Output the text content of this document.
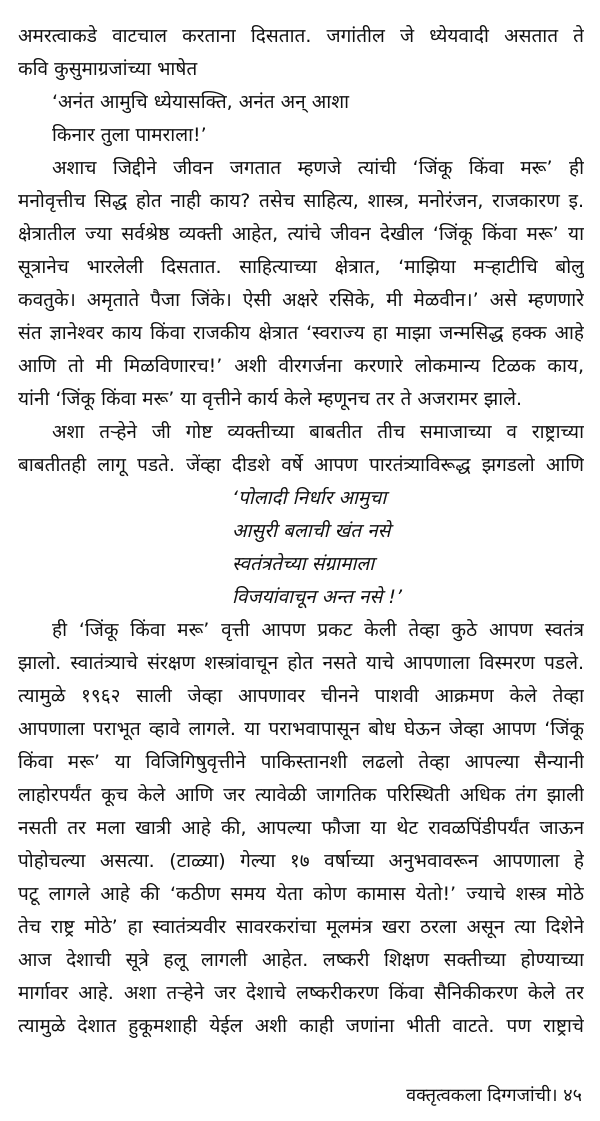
अमरत्वाकडे वाटचाल करताना दिसतात. जगांतील जे ध्येयवादी असतात ते
कवि कुसुमाग्रजांच्या भाषेत
‘अनंत आमुचि ध्येयासक्ति, अनंत अन् आशा
किनार तुला पामराला!’
अशाच जिद्दीने जीवन जगतात म्हणजे त्यांची ‘जिंकू किंवा मरू’ ही
मनोवृत्तीच सिद्ध होत नाही काय? तसेच साहित्य, शास्त्र, मनोरंजन, राजकारण इ.
क्षेत्रातील ज्या सर्वश्रेष्ठ व्यक्ती आहेत, त्यांचे जीवन देखील ‘जिंकू किंवा मरू’ या
सूत्रानेच भारलेली दिसतात. साहित्याच्या क्षेत्रात, ‘माझिया मऱ्हाटीचि बोलु
कवतुके। अमृताते पैजा जिंके। ऐसी अक्षरे रसिके, मी मेळवीन।’ असे म्हणणारे
संत ज्ञानेश्वर काय किंवा राजकीय क्षेत्रात ‘स्वराज्य हा माझा जन्मसिद्ध हक्क आहे
आणि तो मी मिळविणारच!’ अशी वीरगर्जना करणारे लोकमान्य टिळक काय,
यांनी ‘जिंकू किंवा मरू’ या वृत्तीने कार्य केले म्हणूनच तर ते अजरामर झाले.
अशा तऱ्हेने जी गोष्ट व्यक्तीच्या बाबतीत तीच समाजाच्या व राष्ट्राच्या
बाबतीतही लागू पडते. जेंव्हा दीडशे वर्षे आपण पारतंत्र्याविरूद्ध झगडलो आणि
‘पोलादी निर्धार आमुचा
आसुरी बलाची खंत नसे
स्वतंत्रतेच्या संग्रामाला
विजयांवाचून अन्त नसे !’
ही ‘जिंकू किंवा मरू’ वृत्ती आपण प्रकट केली तेव्हा कुठे आपण स्वतंत्र
झालो. स्वातंत्र्याचे संरक्षण शस्त्रांवाचून होत नसते याचे आपणाला विस्मरण पडले.
त्यामुळे १९६२ साली जेव्हा आपणावर चीनने पाशवी आक्रमण केले तेव्हा
आपणाला पराभूत व्हावे लागले. या पराभवापासून बोध घेऊन जेव्हा आपण ‘जिंकू
किंवा मरू’ या विजिगिषुवृत्तीने पाकिस्तानशी लढलो तेव्हा आपल्या सैन्यानी
लाहोरपर्यंत कूच केले आणि जर त्यावेळी जागतिक परिस्थिती अधिक तंग झाली
नसती तर मला खात्री आहे की, आपल्या फौजा या थेट रावळपिंडीपर्यंत जाऊन
पोहोचल्या असत्या. (टाळ्या) गेल्या १७ वर्षाच्या अनुभवावरून आपणाला हे
पटू लागले आहे की ‘कठीण समय येता कोण कामास येतो!’ ज्याचे शस्त्र मोठे
तेच राष्ट्र मोठे’ हा स्वातंत्र्यवीर सावरकरांचा मूलमंत्र खरा ठरला असून त्या दिशेने
आज देशाची सूत्रे हलू लागली आहेत. लष्करी शिक्षण सक्तीच्या होण्याच्या
मार्गावर आहे. अशा तऱ्हेने जर देशाचे लष्करीकरण किंवा सैनिकीकरण केले तर
त्यामुळे देशात हुकूमशाही येईल अशी काही जणांना भीती वाटते. पण राष्ट्राचे
वक्तृत्वकला दिग्गजांची। ४५
